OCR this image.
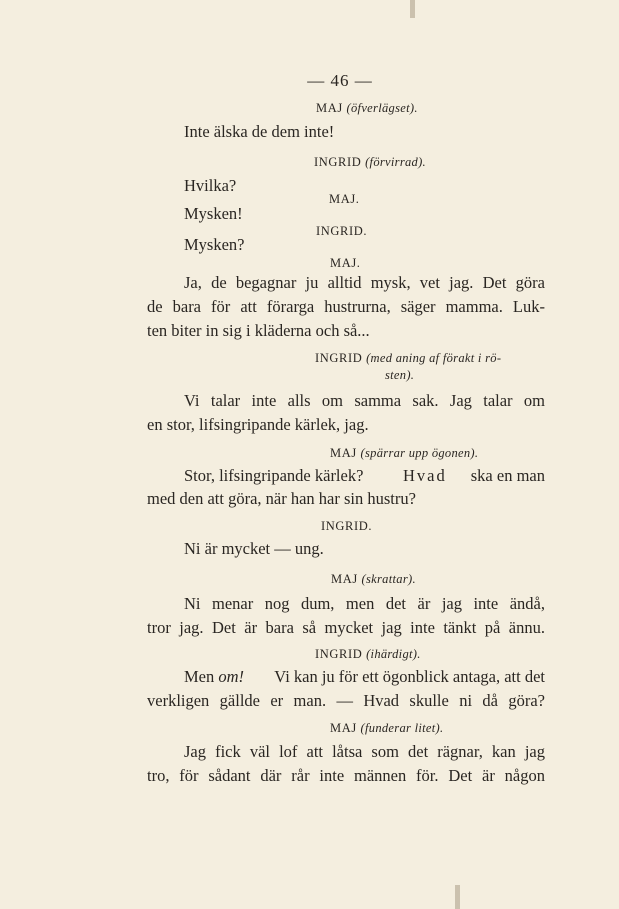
— 46 —
MAJ (öfverlägset).
Inte älska de dem inte!
INGRID (förvirrad).
Hvilka?
MAJ.
Mysken!
INGRID.
Mysken?
MAJ.
Ja, de begagnar ju alltid mysk, vet jag. Det göra
de bara för att förarga hustrurna, säger mamma. Luk-
ten biter in sig i kläderna och så...
INGRID (med aning af förakt i rö-
sten).
Vi talar inte alls om samma sak. Jag talar om
en stor, lifsingripande kärlek, jag.
MAJ (spärrar upp ögonen).
Stor, lifsingripande kärlek? Hvad	ska en man
med den att göra, när han har sin hustru?
INGRID.
Ni är mycket — ung.
MAJ (skrattar).
Ni menar nog dum, men det är jag inte ändå,
tror jag. Det är bara så mycket jag inte tänkt på ännu.
INGRID (ihärdigt).
Men om!	Vi kan ju för ett ögonblick antaga, att det
verkligen gällde er man. — Hvad skulle ni då göra?
MAJ (funderar litet).
Jag fick väl lof att låtsa som det rägnar, kan jag
tro, för sådant där rår inte männen för. Det är någon
